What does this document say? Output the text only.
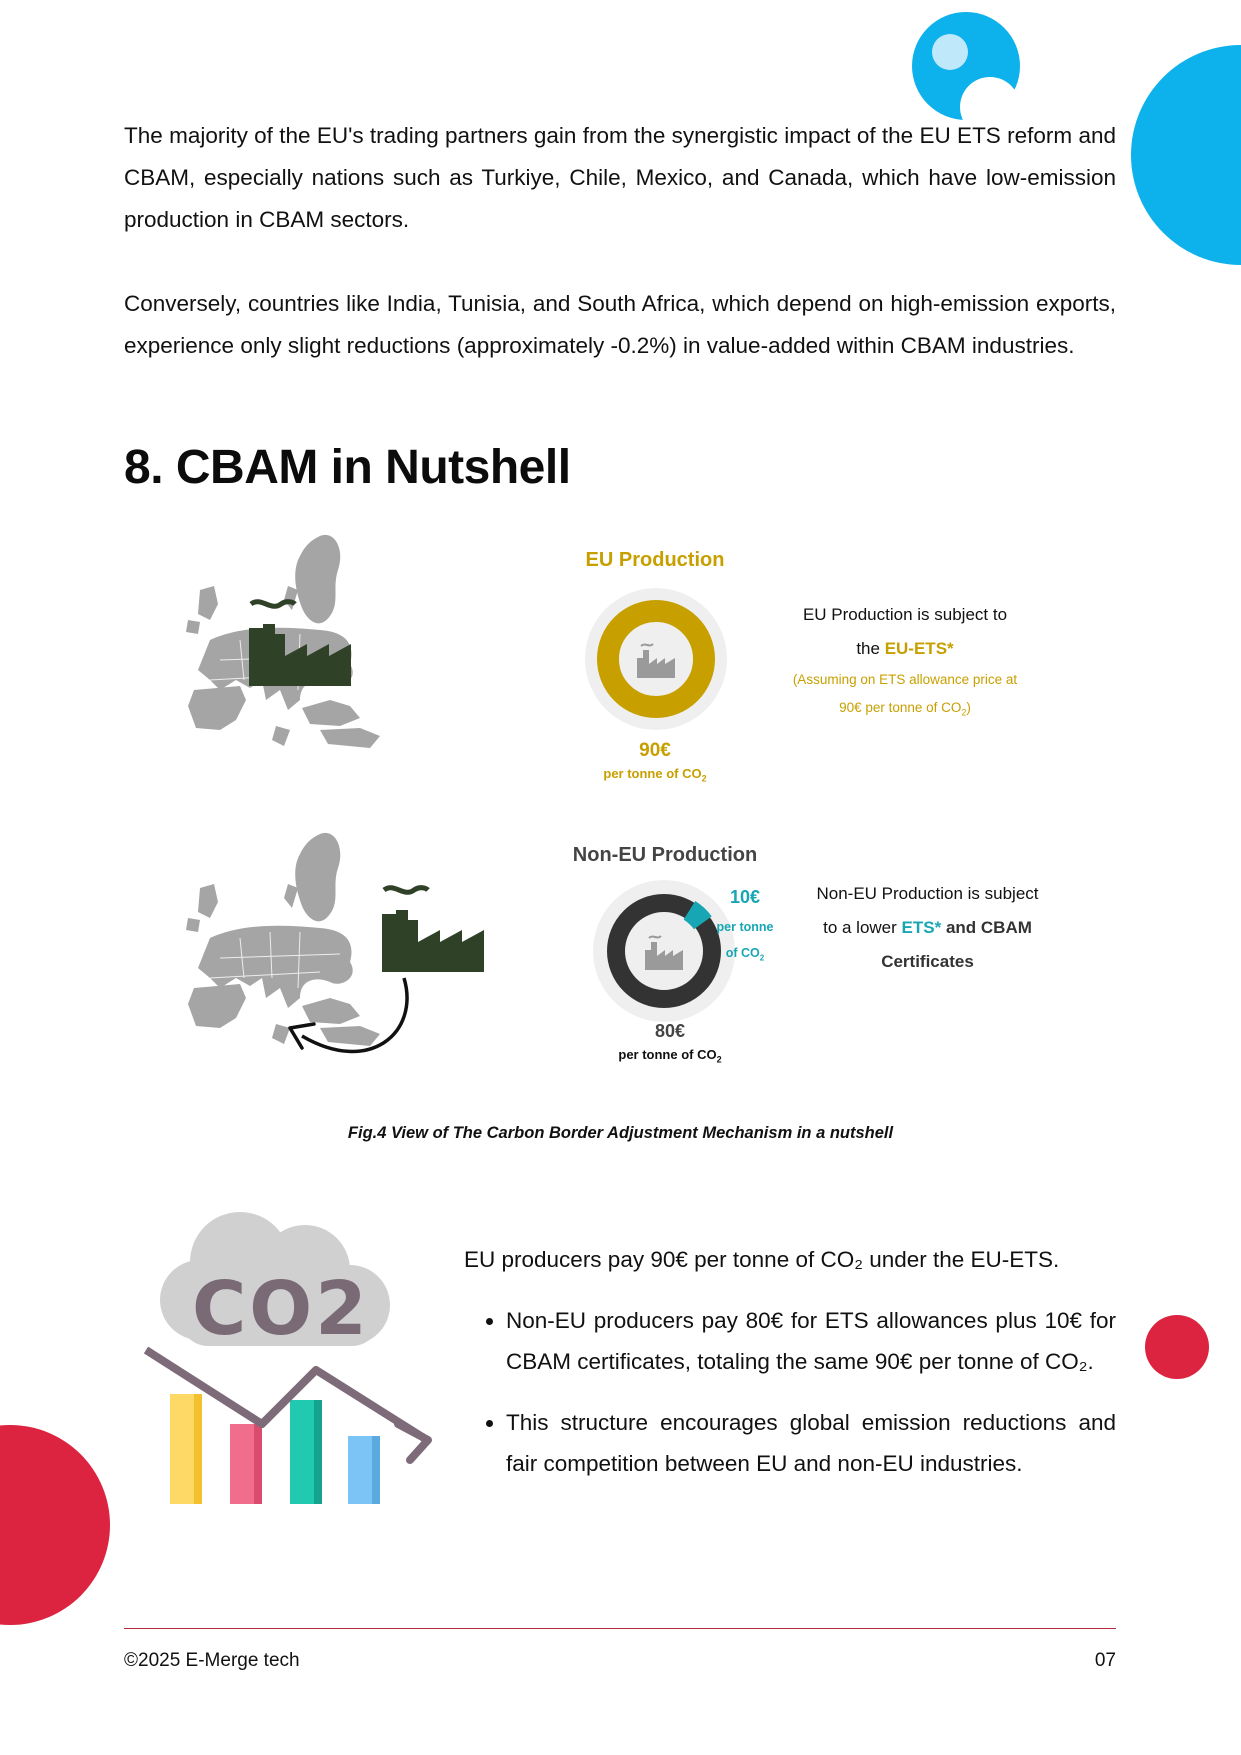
The majority of the EU's trading partners gain from the synergistic impact of the EU ETS reform and CBAM, especially nations such as Turkiye, Chile, Mexico, and Canada, which have low-emission production in CBAM sectors.

Conversely, countries like India, Tunisia, and South Africa, which depend on high-emission exports, experience only slight reductions (approximately -0.2%) in value-added within CBAM industries.

8. CBAM in Nutshell
EU Production
90€
per tonne of $CO_2$
EU Production is subject to
the EU-ETS*
(Assuming on ETS allowance price at
90€ per tonne of $CO_2$)
Non-EU Production
10€
per tonne
of $CO_2$
80€
per tonne of $CO_2$
Non-EU Production is subject
to a lower ETS* and CBAM
Certificates
Fig.4 View of The Carbon Border Adjustment Mechanism in a nutshell
CO2
EU producers pay 90€ per tonne of CO₂ under the EU-ETS.
• Non-EU producers pay 80€ for ETS allowances plus 10€ for CBAM certificates, totaling the same 90€ per tonne of CO₂.
• This structure encourages global emission reductions and fair competition between EU and non-EU industries.
©2025 E-Merge tech	07
